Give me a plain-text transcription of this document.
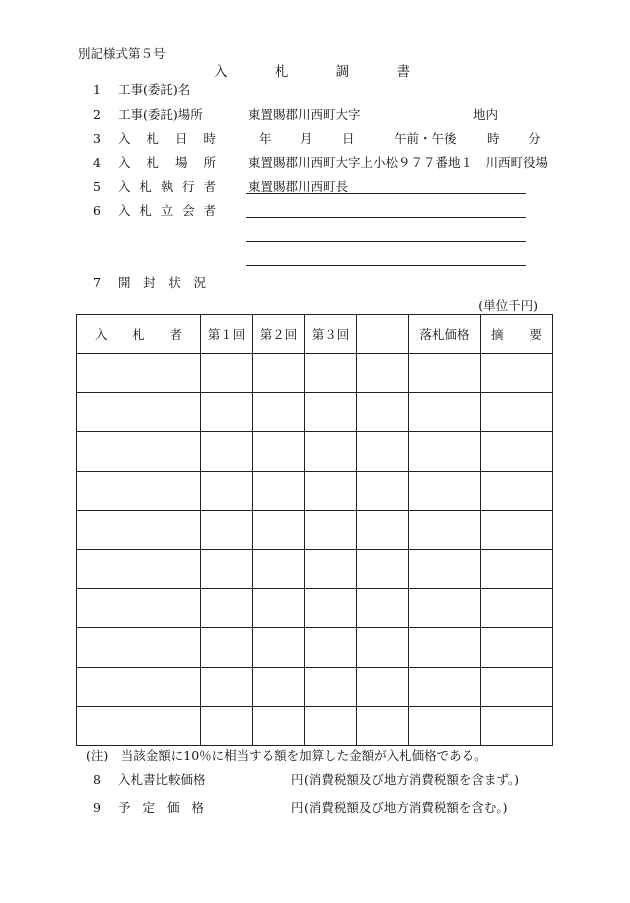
別記様式第５号
入	札	調	書
1 工事(委託)名
2 工事(委託)場所	東置賜郡川西町大字	地内
3 入 札 日 時	年 月 日	午前・午後 時 分
4 入 札 場 所	東置賜郡川西町大字上小松９７７番地１　川西町役場
5 入 札 執 行 者	東置賜郡川西町長
6 入 札 立 会 者
7 開 封 状 況
(単位千円)
入 札 者	第１回	第２回	第３回		落札価格	摘 要

(注)　当該金額に10％に相当する額を加算した金額が入札価格である。
8 入札書比較価格	円 (消費税額及び地方消費税額を含まず。)
9 予 定 価 格	円 (消費税額及び地方消費税額を含む。)
